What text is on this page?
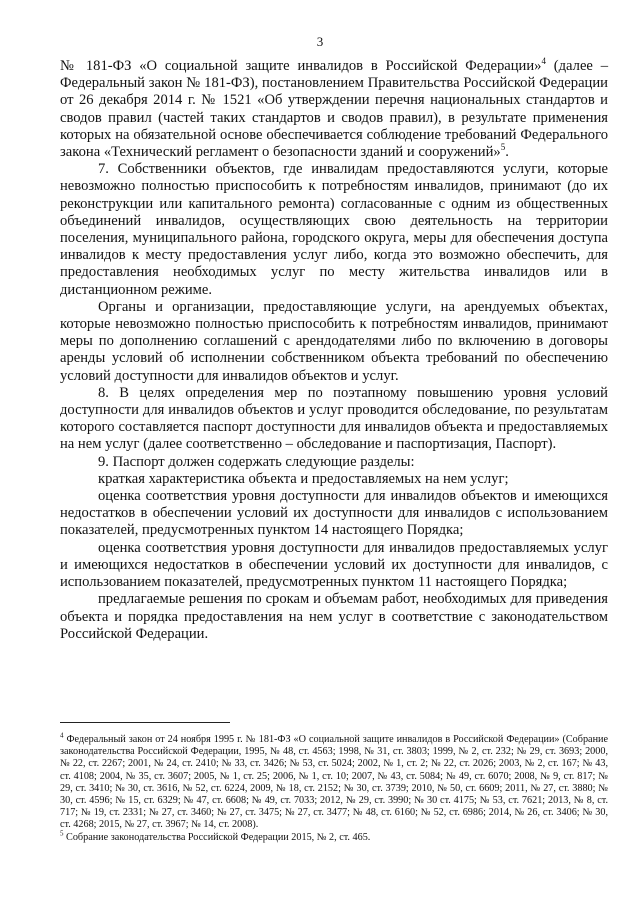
3

№ 181-ФЗ «О социальной защите инвалидов в Российской Федерации»$^4$ (далее – Федеральный закон № 181-ФЗ), постановлением Правительства Российской Федерации от 26 декабря 2014 г. № 1521 «Об утверждении перечня национальных стандартов и сводов правил (частей таких стандартов и сводов правил), в результате применения которых на обязательной основе обеспечивается соблюдение требований Федерального закона «Технический регламент о безопасности зданий и сооружений»$^5$.

7. Собственники объектов, где инвалидам предоставляются услуги, которые невозможно полностью приспособить к потребностям инвалидов, принимают (до их реконструкции или капитального ремонта) согласованные с одним из общественных объединений инвалидов, осуществляющих свою деятельность на территории поселения, муниципального района, городского округа, меры для обеспечения доступа инвалидов к месту предоставления услуг либо, когда это возможно обеспечить, для предоставления необходимых услуг по месту жительства инвалидов или в дистанционном режиме.

Органы и организации, предоставляющие услуги, на арендуемых объектах, которые невозможно полностью приспособить к потребностям инвалидов, принимают меры по дополнению соглашений с арендодателями либо по включению в договоры аренды условий об исполнении собственником объекта требований по обеспечению условий доступности для инвалидов объектов и услуг.

8. В целях определения мер по поэтапному повышению уровня условий доступности для инвалидов объектов и услуг проводится обследование, по результатам которого составляется паспорт доступности для инвалидов объекта и предоставляемых на нем услуг (далее соответственно – обследование и паспортизация, Паспорт).

9. Паспорт должен содержать следующие разделы:

краткая характеристика объекта и предоставляемых на нем услуг;

оценка соответствия уровня доступности для инвалидов объектов и имеющихся недостатков в обеспечении условий их доступности для инвалидов с использованием показателей, предусмотренных пунктом 14 настоящего Порядка;

оценка соответствия уровня доступности для инвалидов предоставляемых услуг и имеющихся недостатков в обеспечении условий их доступности для инвалидов, с использованием показателей, предусмотренных пунктом 11 настоящего Порядка;

предлагаемые решения по срокам и объемам работ, необходимых для приведения объекта и порядка предоставления на нем услуг в соответствие с законодательством Российской Федерации.

$^4$ Федеральный закон от 24 ноября 1995 г. № 181-ФЗ «О социальной защите инвалидов в Российской Федерации» (Собрание законодательства Российской Федерации, 1995, № 48, ст. 4563; 1998, № 31, ст. 3803; 1999, № 2, ст. 232; № 29, ст. 3693; 2000, № 22, ст. 2267; 2001, № 24, ст. 2410; № 33, ст. 3426; № 53, ст. 5024; 2002, № 1, ст. 2; № 22, ст. 2026; 2003, № 2, ст. 167; № 43, ст. 4108; 2004, № 35, ст. 3607; 2005, № 1, ст. 25; 2006, № 1, ст. 10; 2007, № 43, ст. 5084; № 49, ст. 6070; 2008, № 9, ст. 817; № 29, ст. 3410; № 30, ст. 3616, № 52, ст. 6224, 2009, № 18, ст. 2152; № 30, ст. 3739; 2010, № 50, ст. 6609; 2011, № 27, ст. 3880; № 30, ст. 4596; № 15, ст. 6329; № 47, ст. 6608; № 49, ст. 7033; 2012, № 29, ст. 3990; № 30 ст. 4175; № 53, ст. 7621; 2013, № 8, ст. 717; № 19, ст. 2331; № 27, ст. 3460; № 27, ст. 3475; № 27, ст. 3477; № 48, ст. 6160; № 52, ст. 6986; 2014, № 26, ст. 3406; № 30, ст. 4268; 2015, № 27, ст. 3967; № 14, ст. 2008).

$^5$ Собрание законодательства Российской Федерации 2015, № 2, ст. 465.
